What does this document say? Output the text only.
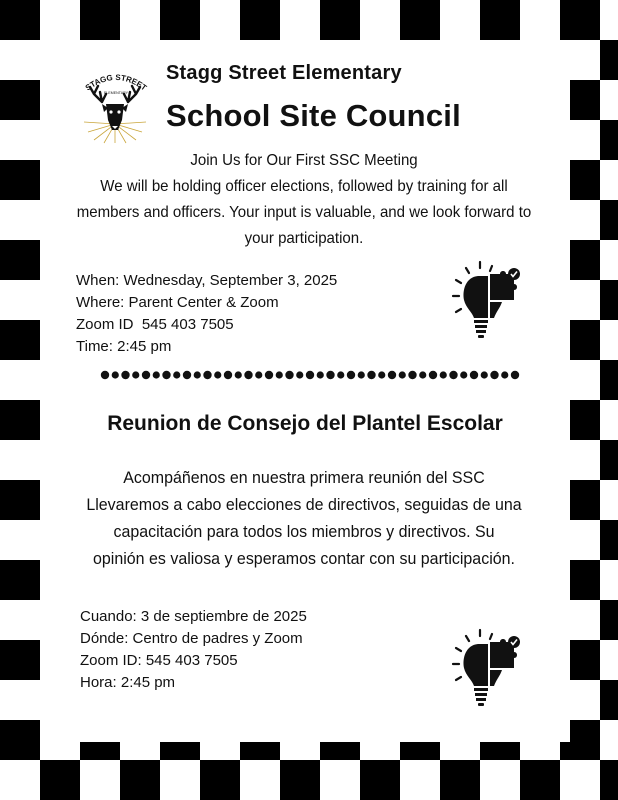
STAGG STREET
ELEMENTARY
Stagg Street Elementary
School Site Council
Join Us for Our First SSC Meeting
We will be holding officer elections, followed by training for all
members and officers. Your input is valuable, and we look forward to
your participation.
When: Wednesday, September 3, 2025
Where: Parent Center & Zoom
Zoom ID  545 403 7505
Time: 2:45 pm
Reunion de Consejo del Plantel Escolar
Acompáñenos en nuestra primera reunión del SSC
Llevaremos a cabo elecciones de directivos, seguidas de una
capacitación para todos los miembros y directivos. Su
opinión es valiosa y esperamos contar con su participación.
Cuando: 3 de septiembre de 2025
Dónde: Centro de padres y Zoom
Zoom ID: 545 403 7505
Hora: 2:45 pm
